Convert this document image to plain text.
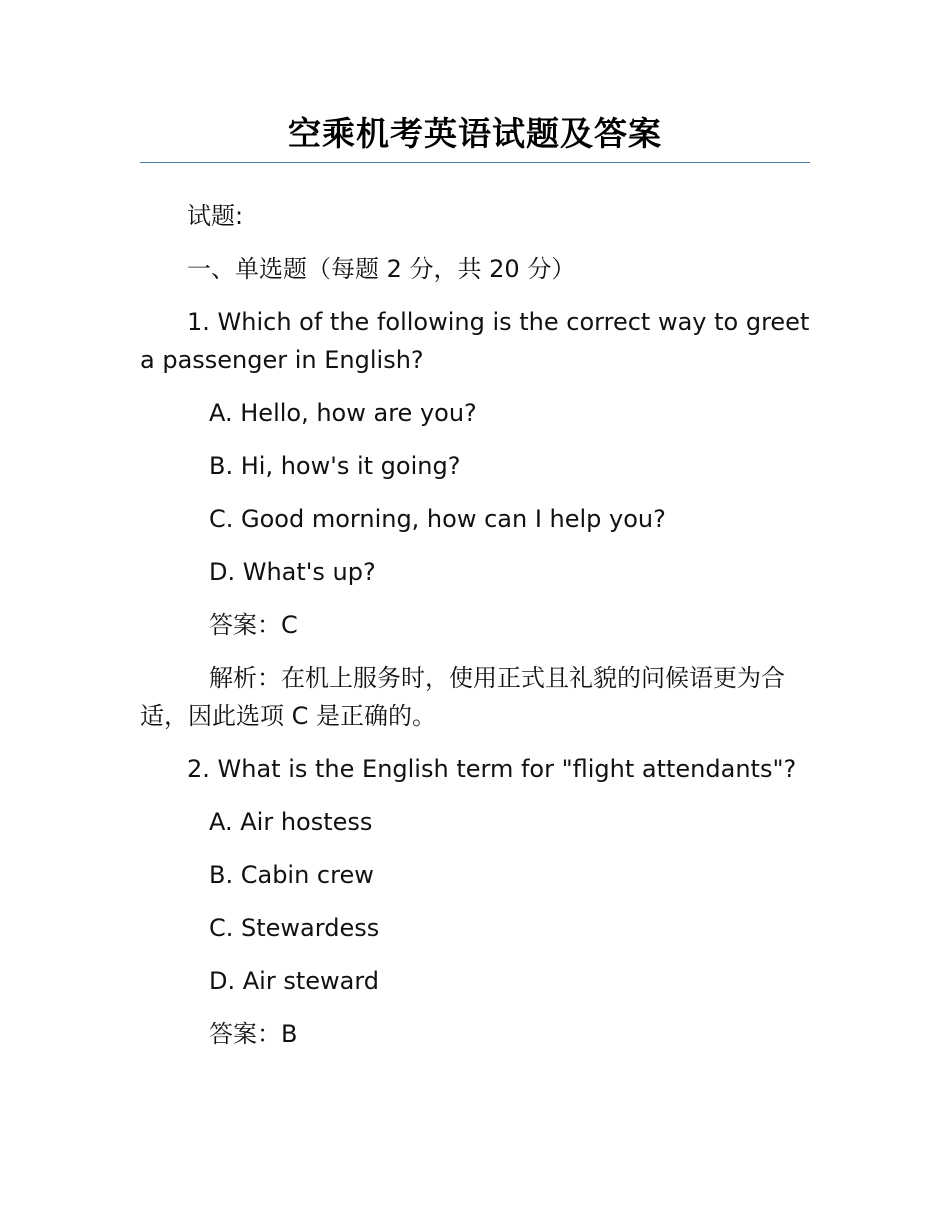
空乘机考英语试题及答案

试题:

一、单选题（每题 2 分，共 20 分）

1. Which of the following is the correct way to greet a passenger in English?

A. Hello, how are you?

B. Hi, how's it going?

C. Good morning, how can I help you?

D. What's up?

答案：C

解析：在机上服务时，使用正式且礼貌的问候语更为合适，因此选项 C 是正确的。

2. What is the English term for "flight attendants"?

A. Air hostess

B. Cabin crew

C. Stewardess

D. Air steward

答案：B
